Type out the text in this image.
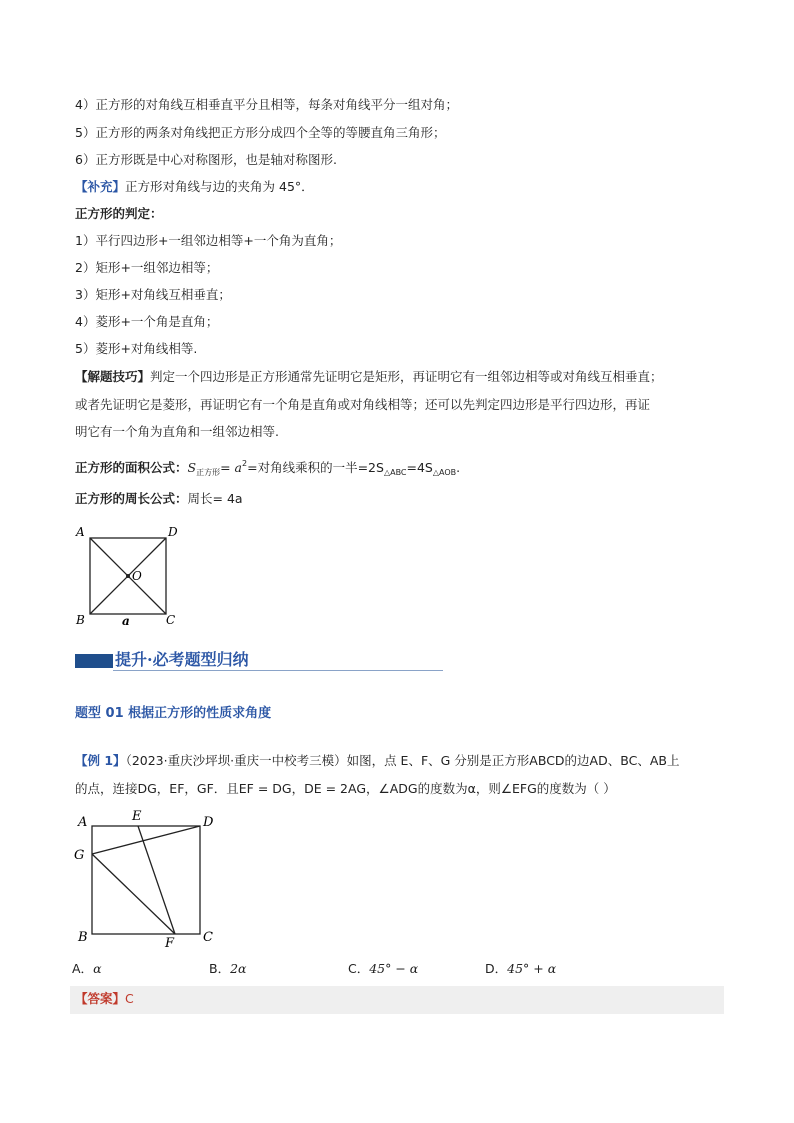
4）正方形的对角线互相垂直平分且相等，每条对角线平分一组对角；
5）正方形的两条对角线把正方形分成四个全等的等腰直角三角形；
6）正方形既是中心对称图形，也是轴对称图形.
【补充】正方形对角线与边的夹角为 45°．
正方形的判定：
1）平行四边形+一组邻边相等+一个角为直角；
2）矩形+一组邻边相等；
3）矩形+对角线互相垂直；
4）菱形+一个角是直角；
5）菱形+对角线相等.
【解题技巧】判定一个四边形是正方形通常先证明它是矩形，再证明它有一组邻边相等或对角线互相垂直；
或者先证明它是菱形，再证明它有一个角是直角或对角线相等；还可以先判定四边形是平行四边形，再证
明它有一个角为直角和一组邻边相等.
正方形的面积公式：$S_{正方形}= a^2=$对角线乘积的一半$=2S_{\triangle ABC}=4S_{\triangle AOB}$.
正方形的周长公式：周长= 4a
A	D
B	C
O
a
提升·必考题型归纳
题型 01 根据正方形的性质求角度
【例 1】（2023·重庆沙坪坝·重庆一中校考三模）如图，点 E、F、G 分别是正方形ABCD的边AD、BC、AB上
的点，连接DG，EF，GF．且EF = DG，DE = 2AG，∠ADG的度数为α，则∠EFG的度数为（ ）
A	E	D
G
B	F C
A．α	B．2α	C．45° − α	D．45° + α
【答案】C
